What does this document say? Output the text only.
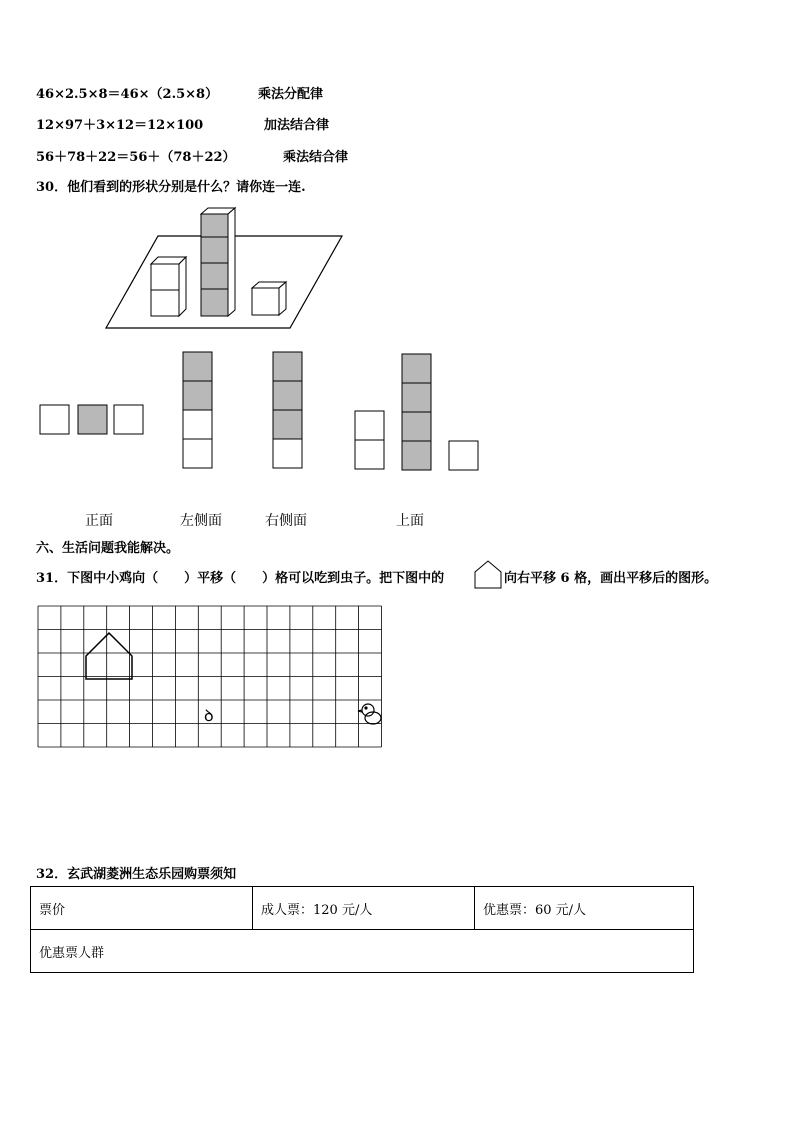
46×2.5×8＝46×（2.5×8）	乘法分配律
12×97＋3×12＝12×100	加法结合律
56＋78＋22＝56＋（78＋22）	乘法结合律
30．他们看到的形状分别是什么？请你连一连.
正面	左侧面	右侧面	上面
六、生活问题我能解决。
31．下图中小鸡向（　　）平移（　　）格可以吃到虫子。把下图中的	向右平移 6 格，画出平移后的图形。
ꝺ
32．玄武湖菱洲生态乐园购票须知
票价	成人票：120 元/人	优惠票：60 元/人
优惠票人群
